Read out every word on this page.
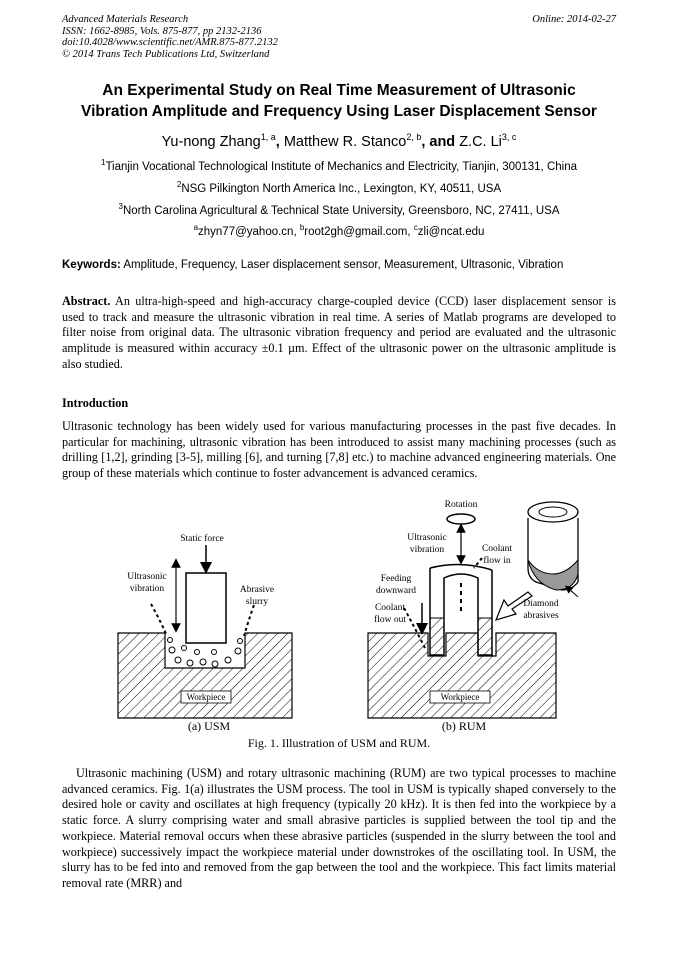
Advanced Materials Research
ISSN: 1662-8985, Vols. 875-877, pp 2132-2136
doi:10.4028/www.scientific.net/AMR.875-877.2132
© 2014 Trans Tech Publications Ltd, Switzerland
Online: 2014-02-27
An Experimental Study on Real Time Measurement of Ultrasonic
Vibration Amplitude and Frequency Using Laser Displacement Sensor
Yu-nong Zhang$^{1, a}$, Matthew R. Stanco$^{2, b}$, and Z.C. Li$^{3, c}$
$^1$Tianjin Vocational Technological Institute of Mechanics and Electricity, Tianjin, 300131, China
$^2$NSG Pilkington North America Inc., Lexington, KY, 40511, USA
$^3$North Carolina Agricultural & Technical State University, Greensboro, NC, 27411, USA
$^a$zhyn77@yahoo.cn, $^b$root2gh@gmail.com, $^c$zli@ncat.edu
Keywords: Amplitude, Frequency, Laser displacement sensor, Measurement, Ultrasonic, Vibration
Abstract. An ultra-high-speed and high-accuracy charge-coupled device (CCD) laser displacement sensor is used to track and measure the ultrasonic vibration in real time. A series of Matlab programs are developed to filter noise from original data. The ultrasonic vibration frequency and period are evaluated and the ultrasonic amplitude is measured within accuracy ±0.1 µm. Effect of the ultrasonic power on the ultrasonic amplitude is also studied.
Introduction
Ultrasonic technology has been widely used for various manufacturing processes in the past five decades. In particular for machining, ultrasonic vibration has been introduced to assist many machining processes (such as drilling [1,2], grinding [3-5], milling [6], and turning [7,8] etc.) to machine advanced engineering materials. One group of these materials which continue to foster advancement is advanced ceramics.
Workpiece
Static force
Ultrasonic
vibration	Abrasive
slurry
(a) USM
Workpiece
Rotation
Ultrasonic
vibration	Coolant
flow in
Feeding
downward
Coolant
flow out
Diamond
abrasives
(b) RUM
Fig. 1. Illustration of USM and RUM.
Ultrasonic machining (USM) and rotary ultrasonic machining (RUM) are two typical processes to machine advanced ceramics. Fig. 1(a) illustrates the USM process. The tool in USM is typically shaped conversely to the desired hole or cavity and oscillates at high frequency (typically 20 kHz). It is then fed into the workpiece by a static force. A slurry comprising water and small abrasive particles is supplied between the tool tip and the workpiece. Material removal occurs when these abrasive particles (suspended in the slurry between the tool and workpiece) successively impact the workpiece material under downstrokes of the oscillating tool. In USM, the slurry has to be fed into and removed from the gap between the tool and the workpiece. This fact limits material removal rate (MRR) and
